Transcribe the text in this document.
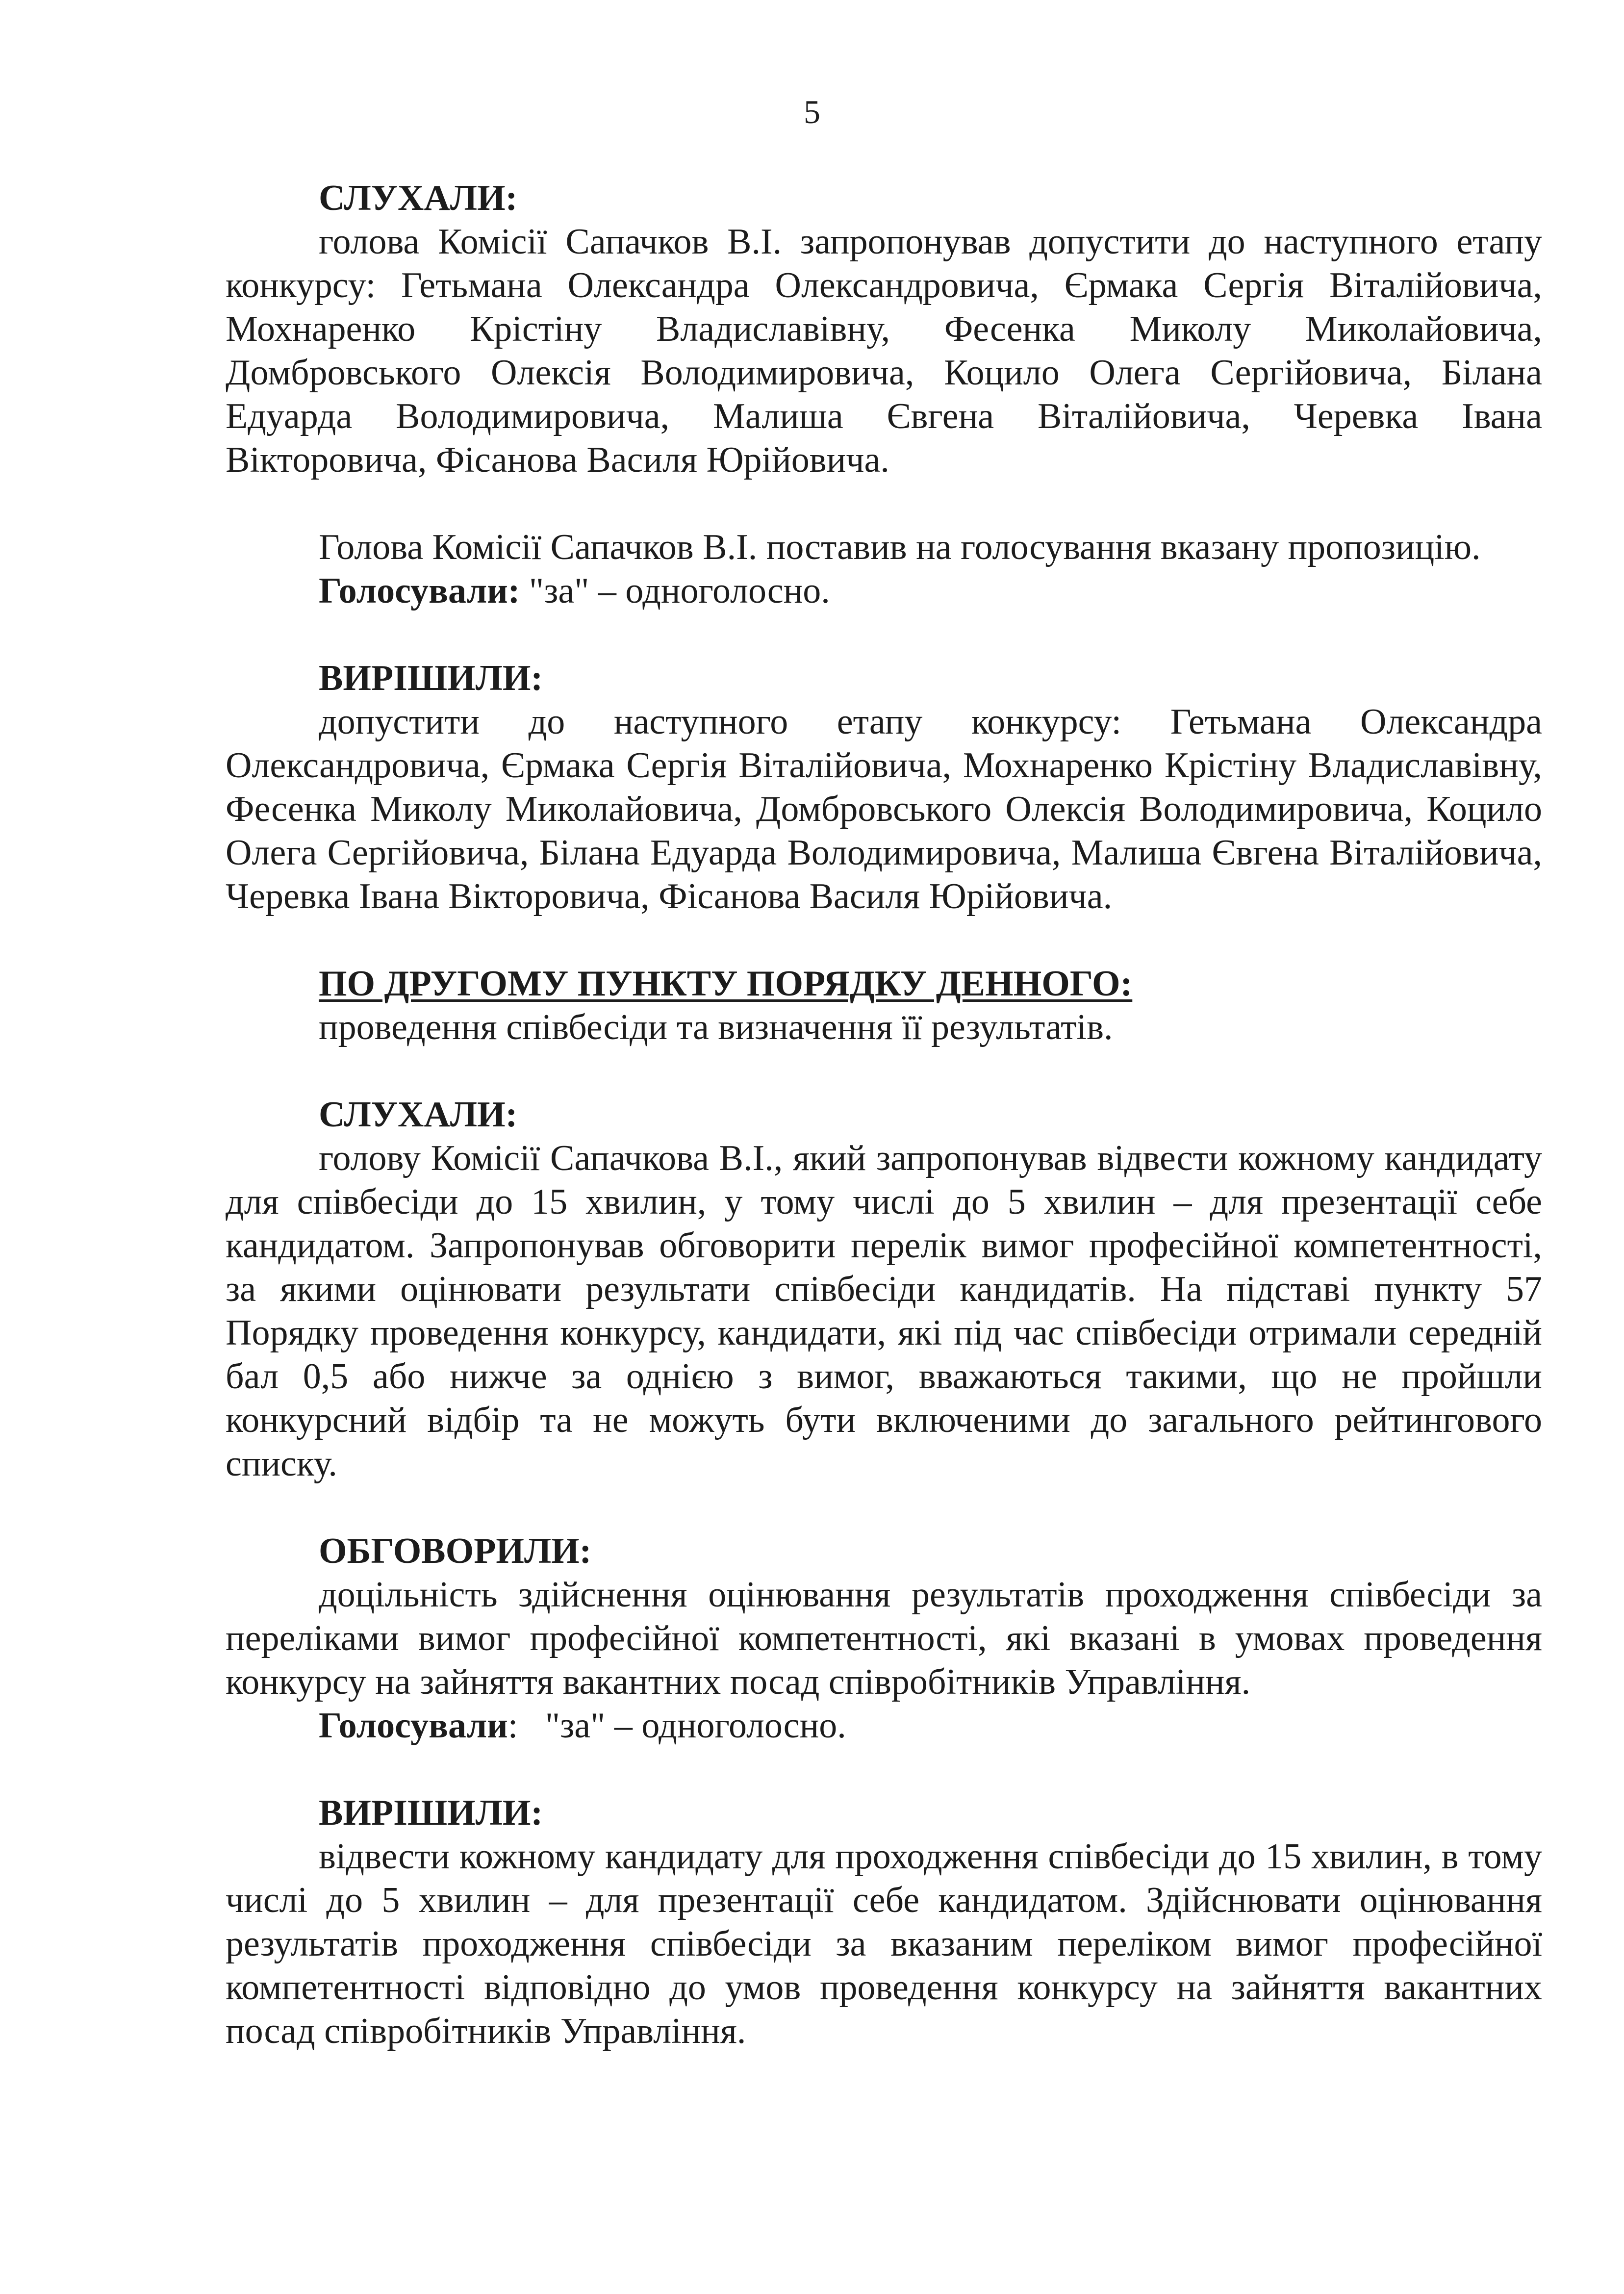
5

СЛУХАЛИ:

голова Комісії Сапачков В.І. запропонував допустити до наступного етапу конкурсу: Гетьмана Олександра Олександровича, Єрмака Сергія Віталійовича, Мохнаренко Крістіну Владиславівну, Фесенка Миколу Миколайовича, Домбровського Олексія Володимировича, Коцило Олега Сергійовича, Білана Едуарда Володимировича, Малиша Євгена Віталійовича, Черевка Івана Вікторовича, Фісанова Василя Юрійовича.

Голова Комісії Сапачков В.І. поставив на голосування вказану пропозицію.

Голосували: "за" – одноголосно.

ВИРІШИЛИ:

допустити до наступного етапу конкурсу: Гетьмана Олександра Олександровича, Єрмака Сергія Віталійовича, Мохнаренко Крістіну Владиславівну, Фесенка Миколу Миколайовича, Домбровського Олексія Володимировича, Коцило Олега Сергійовича, Білана Едуарда Володимировича, Малиша Євгена Віталійовича, Черевка Івана Вікторовича, Фісанова Василя Юрійовича.

ПО ДРУГОМУ ПУНКТУ ПОРЯДКУ ДЕННОГО:

проведення співбесіди та визначення її результатів.

СЛУХАЛИ:

голову Комісії Сапачкова В.І., який запропонував відвести кожному кандидату для співбесіди до 15 хвилин, у тому числі до 5 хвилин – для презентації себе кандидатом. Запропонував обговорити перелік вимог професійної компетентності, за якими оцінювати результати співбесіди кандидатів. На підставі пункту 57 Порядку проведення конкурсу, кандидати, які під час співбесіди отримали середній бал 0,5 або нижче за однією з вимог, вважаються такими, що не пройшли конкурсний відбір та не можуть бути включеними до загального рейтингового списку.

ОБГОВОРИЛИ:

доцільність здійснення оцінювання результатів проходження співбесіди за переліками вимог професійної компетентності, які вказані в умовах проведення конкурсу на зайняття вакантних посад співробітників Управління.

Голосували: "за" – одноголосно.

ВИРІШИЛИ:

відвести кожному кандидату для проходження співбесіди до 15 хвилин, в тому числі до 5 хвилин – для презентації себе кандидатом. Здійснювати оцінювання результатів проходження співбесіди за вказаним переліком вимог професійної компетентності відповідно до умов проведення конкурсу на зайняття вакантних посад співробітників Управління.
